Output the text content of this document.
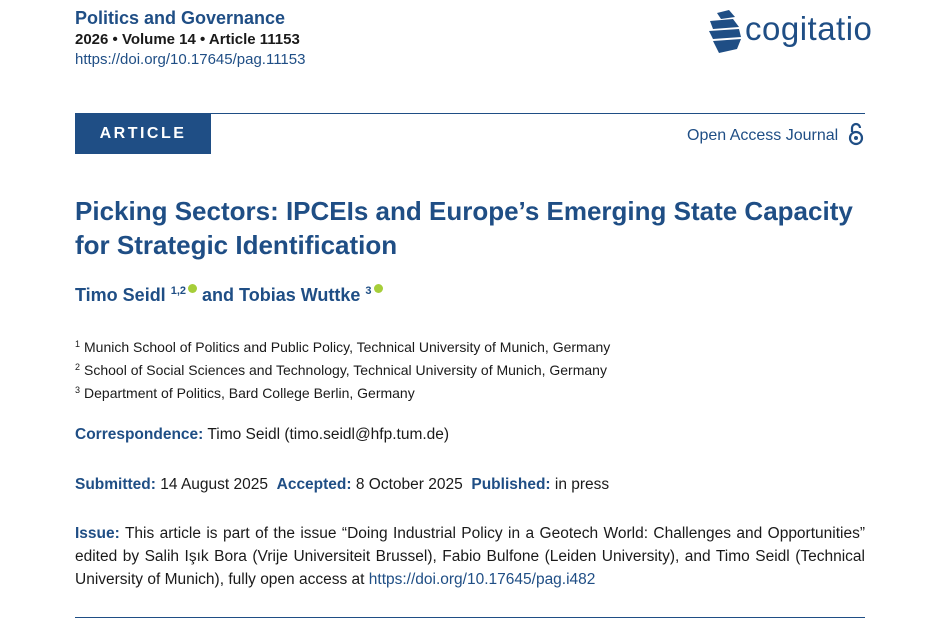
Politics and Governance
2026 • Volume 14 • Article 11153
https://doi.org/10.17645/pag.11153
cogitatio
ARTICLE	Open Access Journal
Picking Sectors: IPCEIs and Europe’s Emerging State Capacity for Strategic Identification
Timo Seidl $^{1,2}$ and Tobias Wuttke $^3$
$^1$ Munich School of Politics and Public Policy, Technical University of Munich, Germany
$^2$ School of Social Sciences and Technology, Technical University of Munich, Germany
$^3$ Department of Politics, Bard College Berlin, Germany
Correspondence: Timo Seidl (timo.seidl@hfp.tum.de)
Submitted: 14 August 2025 Accepted: 8 October 2025 Published: in press

Issue: This article is part of the issue “Doing Industrial Policy in a Geotech World: Challenges and Opportunities” edited by Salih Işık Bora (Vrije Universiteit Brussel), Fabio Bulfone (Leiden University), and Timo Seidl (Technical University of Munich), fully open access at https://doi.org/10.17645/pag.i482
